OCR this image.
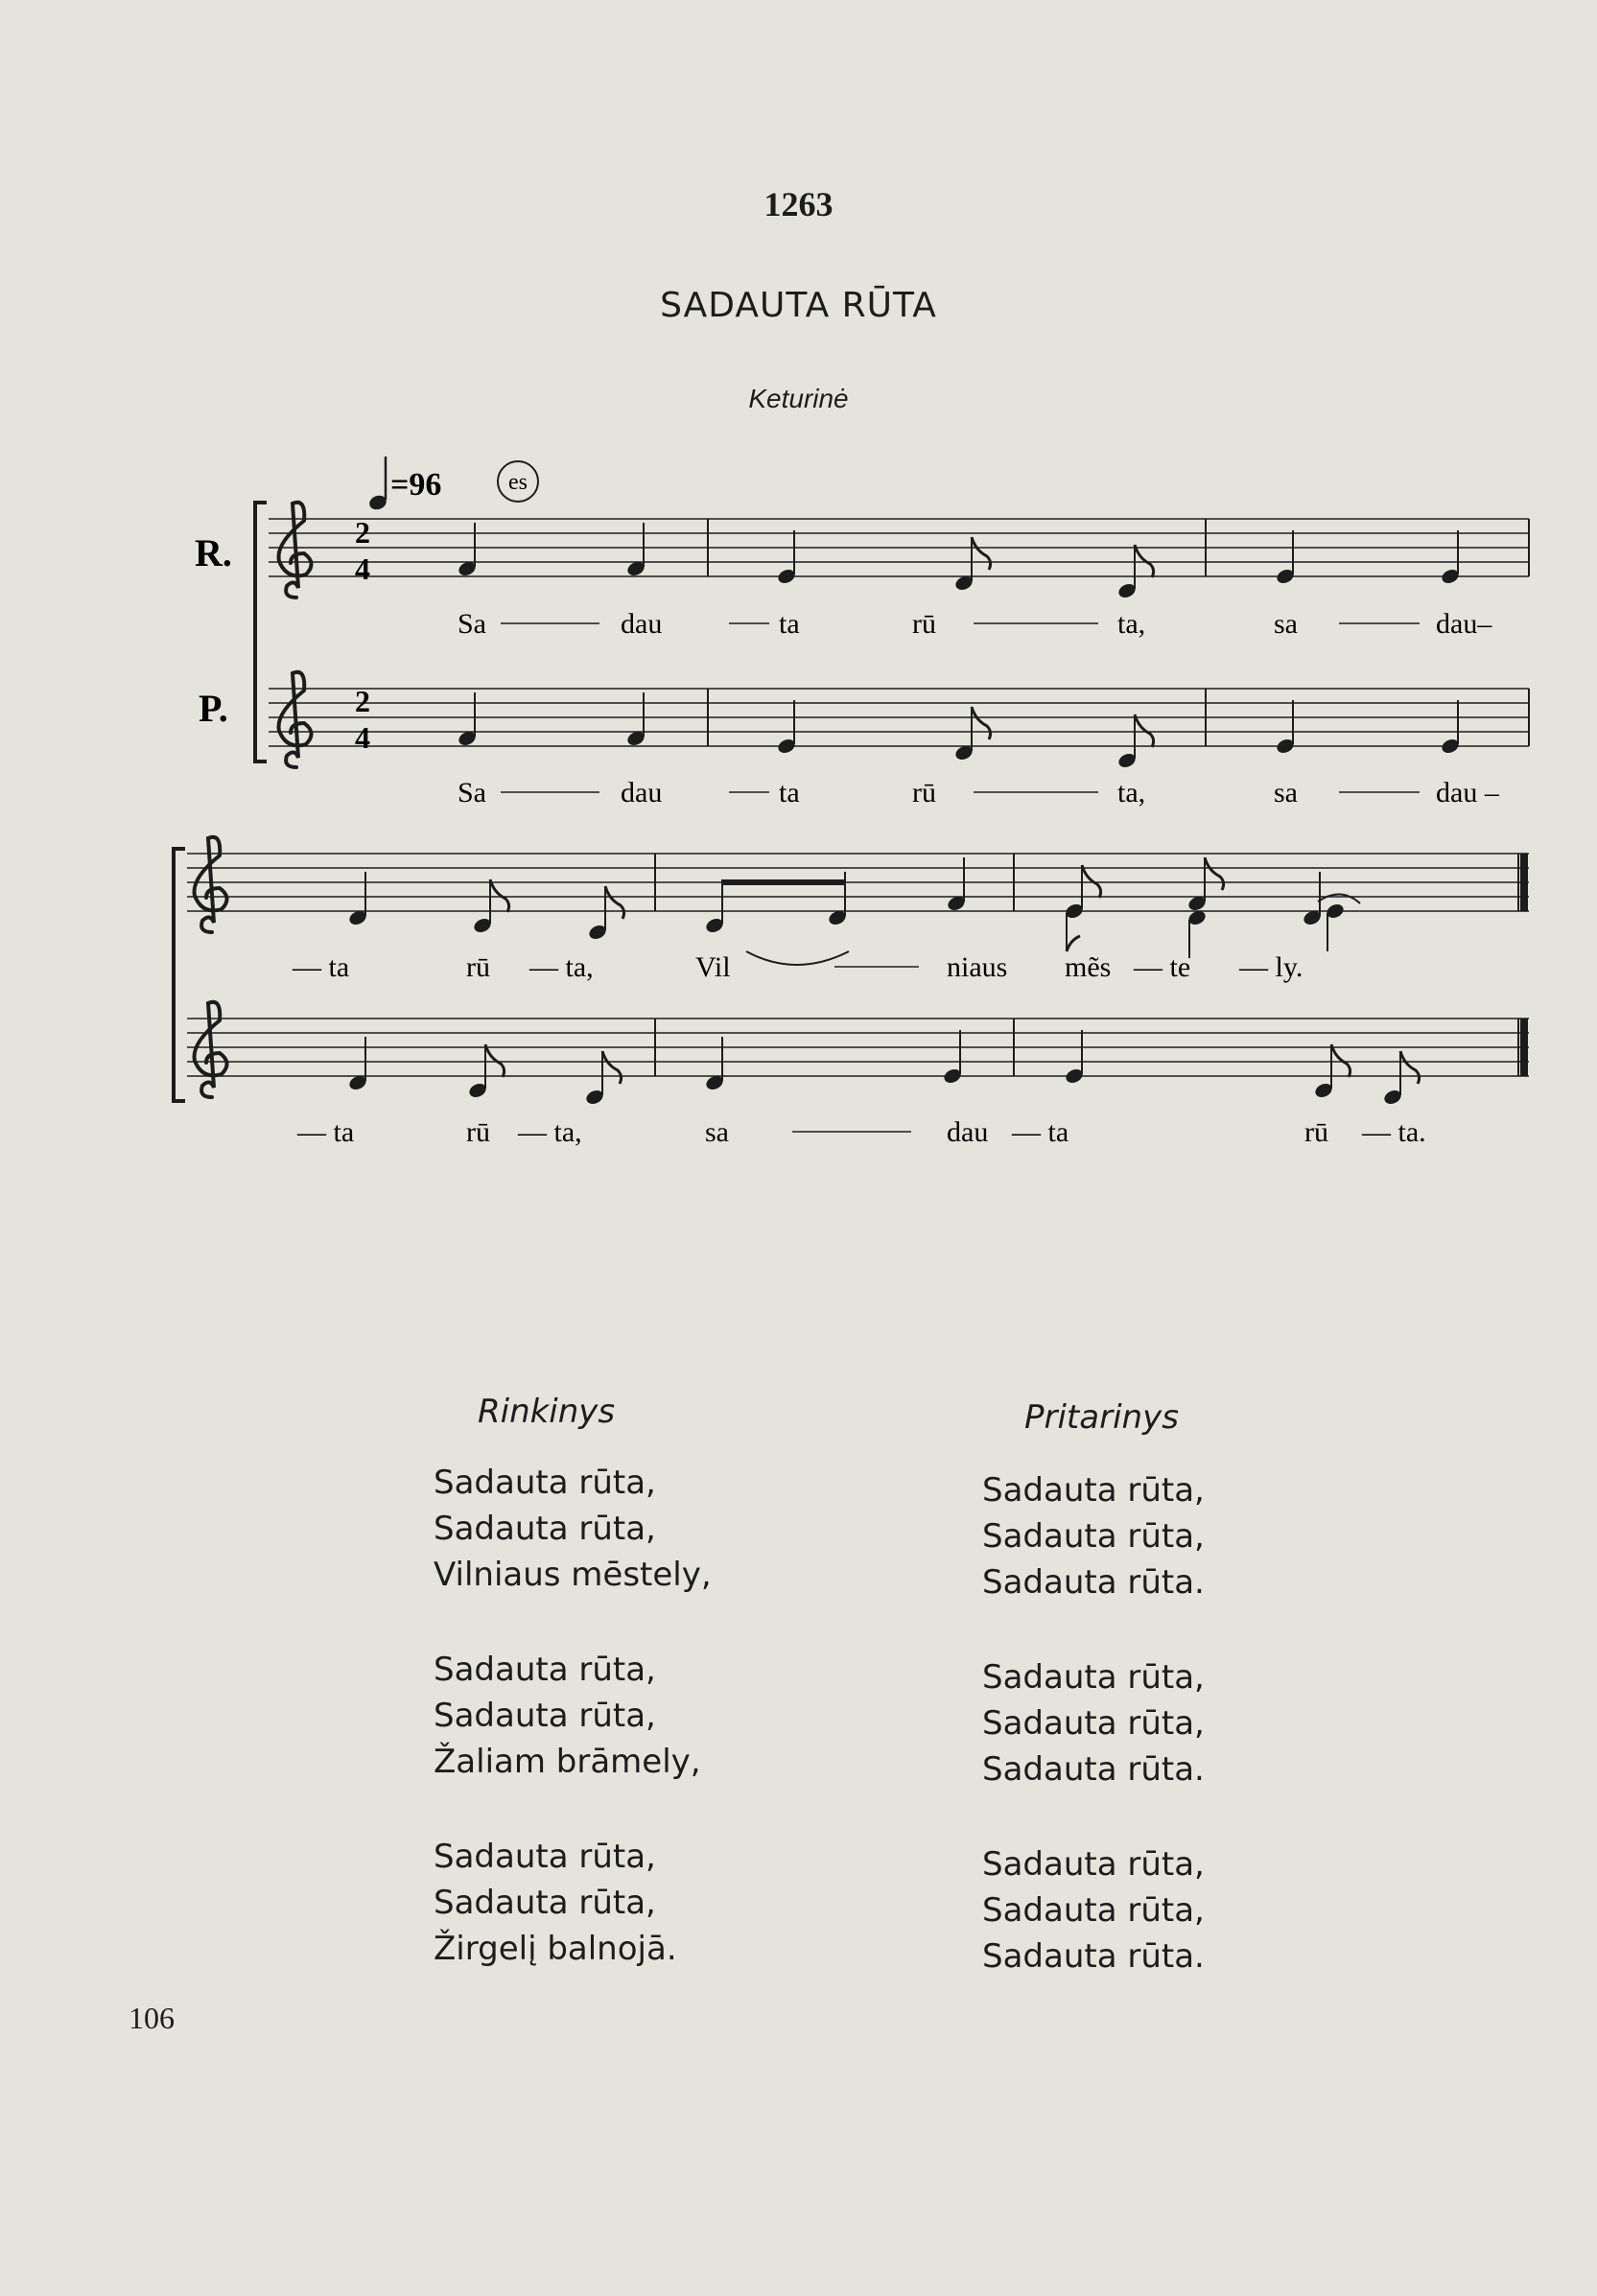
1263
SADAUTA RŪTA
Keturinė
=96	es
R.
P.
2
4
2
4
Sa	dau	ta	rū	ta,	sa	dau–
Sa	dau	ta	rū	ta,	sa	dau –
— ta	rū — ta,	Vil	niaus mẽs — te — ly.
— ta	rū — ta,	sa	dau — ta	rū — ta.
Rinkinys	Pritarinys
Sadauta rūta,
Sadauta rūta,
Vilniaus mēstely,
Sadauta rūta,
Sadauta rūta,
Žaliam brāmely,
Sadauta rūta,
Sadauta rūta,
Žirgelį balnojā.
Sadauta rūta,
Sadauta rūta,
Sadauta rūta.
Sadauta rūta,
Sadauta rūta,
Sadauta rūta.
Sadauta rūta,
Sadauta rūta,
Sadauta rūta.
106
